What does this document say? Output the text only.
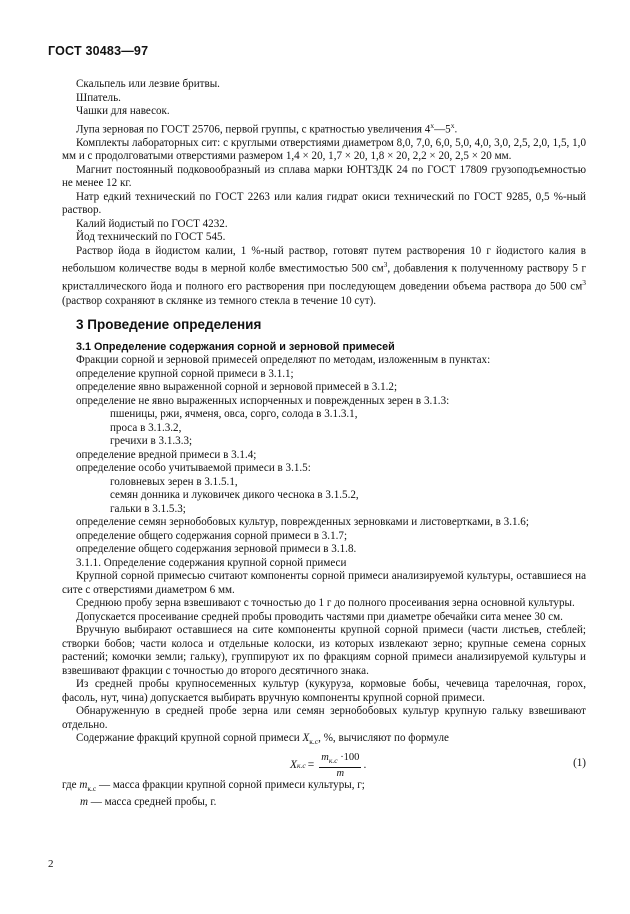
ГОСТ 30483—97

Скальпель или лезвие бритвы.

Шпатель.

Чашки для навесок.

Лупа зерновая по ГОСТ 25706, первой группы, с кратностью увеличения $4^х—5^х$.

Комплекты лабораторных сит: с круглыми отверстиями диаметром 8,0, 7,0, 6,0, 5,0, 4,0, 3,0, 2,5, 2,0, 1,5, 1,0 мм и с продолговатыми отверстиями размером 1,4 × 20, 1,7 × 20, 1,8 × 20, 2,2 × 20, 2,5 × 20 мм.

Магнит постоянный подковообразный из сплава марки ЮНТЗДК 24 по ГОСТ 17809 грузоподъемностью не менее 12 кг.

Натр едкий технический по ГОСТ 2263 или калия гидрат окиси технический по ГОСТ 9285, 0,5 %-ный раствор.

Калий йодистый по ГОСТ 4232.

Йод технический по ГОСТ 545.

Раствор йода в йодистом калии, 1 %-ный раствор, готовят путем растворения 10 г йодистого калия в небольшом количестве воды в мерной колбе вместимостью 500 $см^3$, добавления к полученному раствору 5 г кристаллического йода и полного его растворения при последующем доведении объема раствора до 500 $см^3$ (раствор сохраняют в склянке из темного стекла в течение 10 сут).

3 Проведение определения
3.1 Определение содержания сорной и зерновой примесей

Фракции сорной и зерновой примесей определяют по методам, изложенным в пунктах:

определение крупной сорной примеси в 3.1.1;

определение явно выраженной сорной и зерновой примесей в 3.1.2;

определение не явно выраженных испорченных и поврежденных зерен в 3.1.3:

пшеницы, ржи, ячменя, овса, сорго, солода в 3.1.3.1,

проса в 3.1.3.2,

гречихи в 3.1.3.3;

определение вредной примеси в 3.1.4;

определение особо учитываемой примеси в 3.1.5:

головневых зерен в 3.1.5.1,

семян донника и луковичек дикого чеснока в 3.1.5.2,

гальки в 3.1.5.3;

определение семян зернобобовых культур, поврежденных зерновками и листовертками, в 3.1.6;

определение общего содержания сорной примеси в 3.1.7;

определение общего содержания зерновой примеси в 3.1.8.

3.1.1. Определение содержания крупной сорной примеси

Крупной сорной примесью считают компоненты сорной примеси анализируемой культуры, оставшиеся на сите с отверстиями диаметром 6 мм.

Среднюю пробу зерна взвешивают с точностью до 1 г до полного просеивания зерна основной культуры.

Допускается просеивание средней пробы проводить частями при диаметре обечайки сита менее 30 см.

Вручную выбирают оставшиеся на сите компоненты крупной сорной примеси (части листьев, стеблей; створки бобов; части колоса и отдельные колоски, из которых извлекают зерно; крупные семена сорных растений; комочки земли; гальку), группируют их по фракциям сорной примеси анализируемой культуры и взвешивают фракции с точностью до второго десятичного знака.

Из средней пробы крупносеменных культур (кукуруза, кормовые бобы, чечевица тарелочная, горох, фасоль, нут, чина) допускается выбирать вручную компоненты крупной сорной примеси.

Обнаруженную в средней пробе зерна или семян зернобобовых культур крупную гальку взвешивают отдельно.

Содержание фракций крупной сорной примеси $X_{к.с}$, %, вычисляют по формуле

X $к.с = \frac{m_{к.с} \cdot 100}{m}$ .	(1)

где $m_{к.с}$ — масса фракции крупной сорной примеси культуры, г;

m — масса средней пробы, г.

2
